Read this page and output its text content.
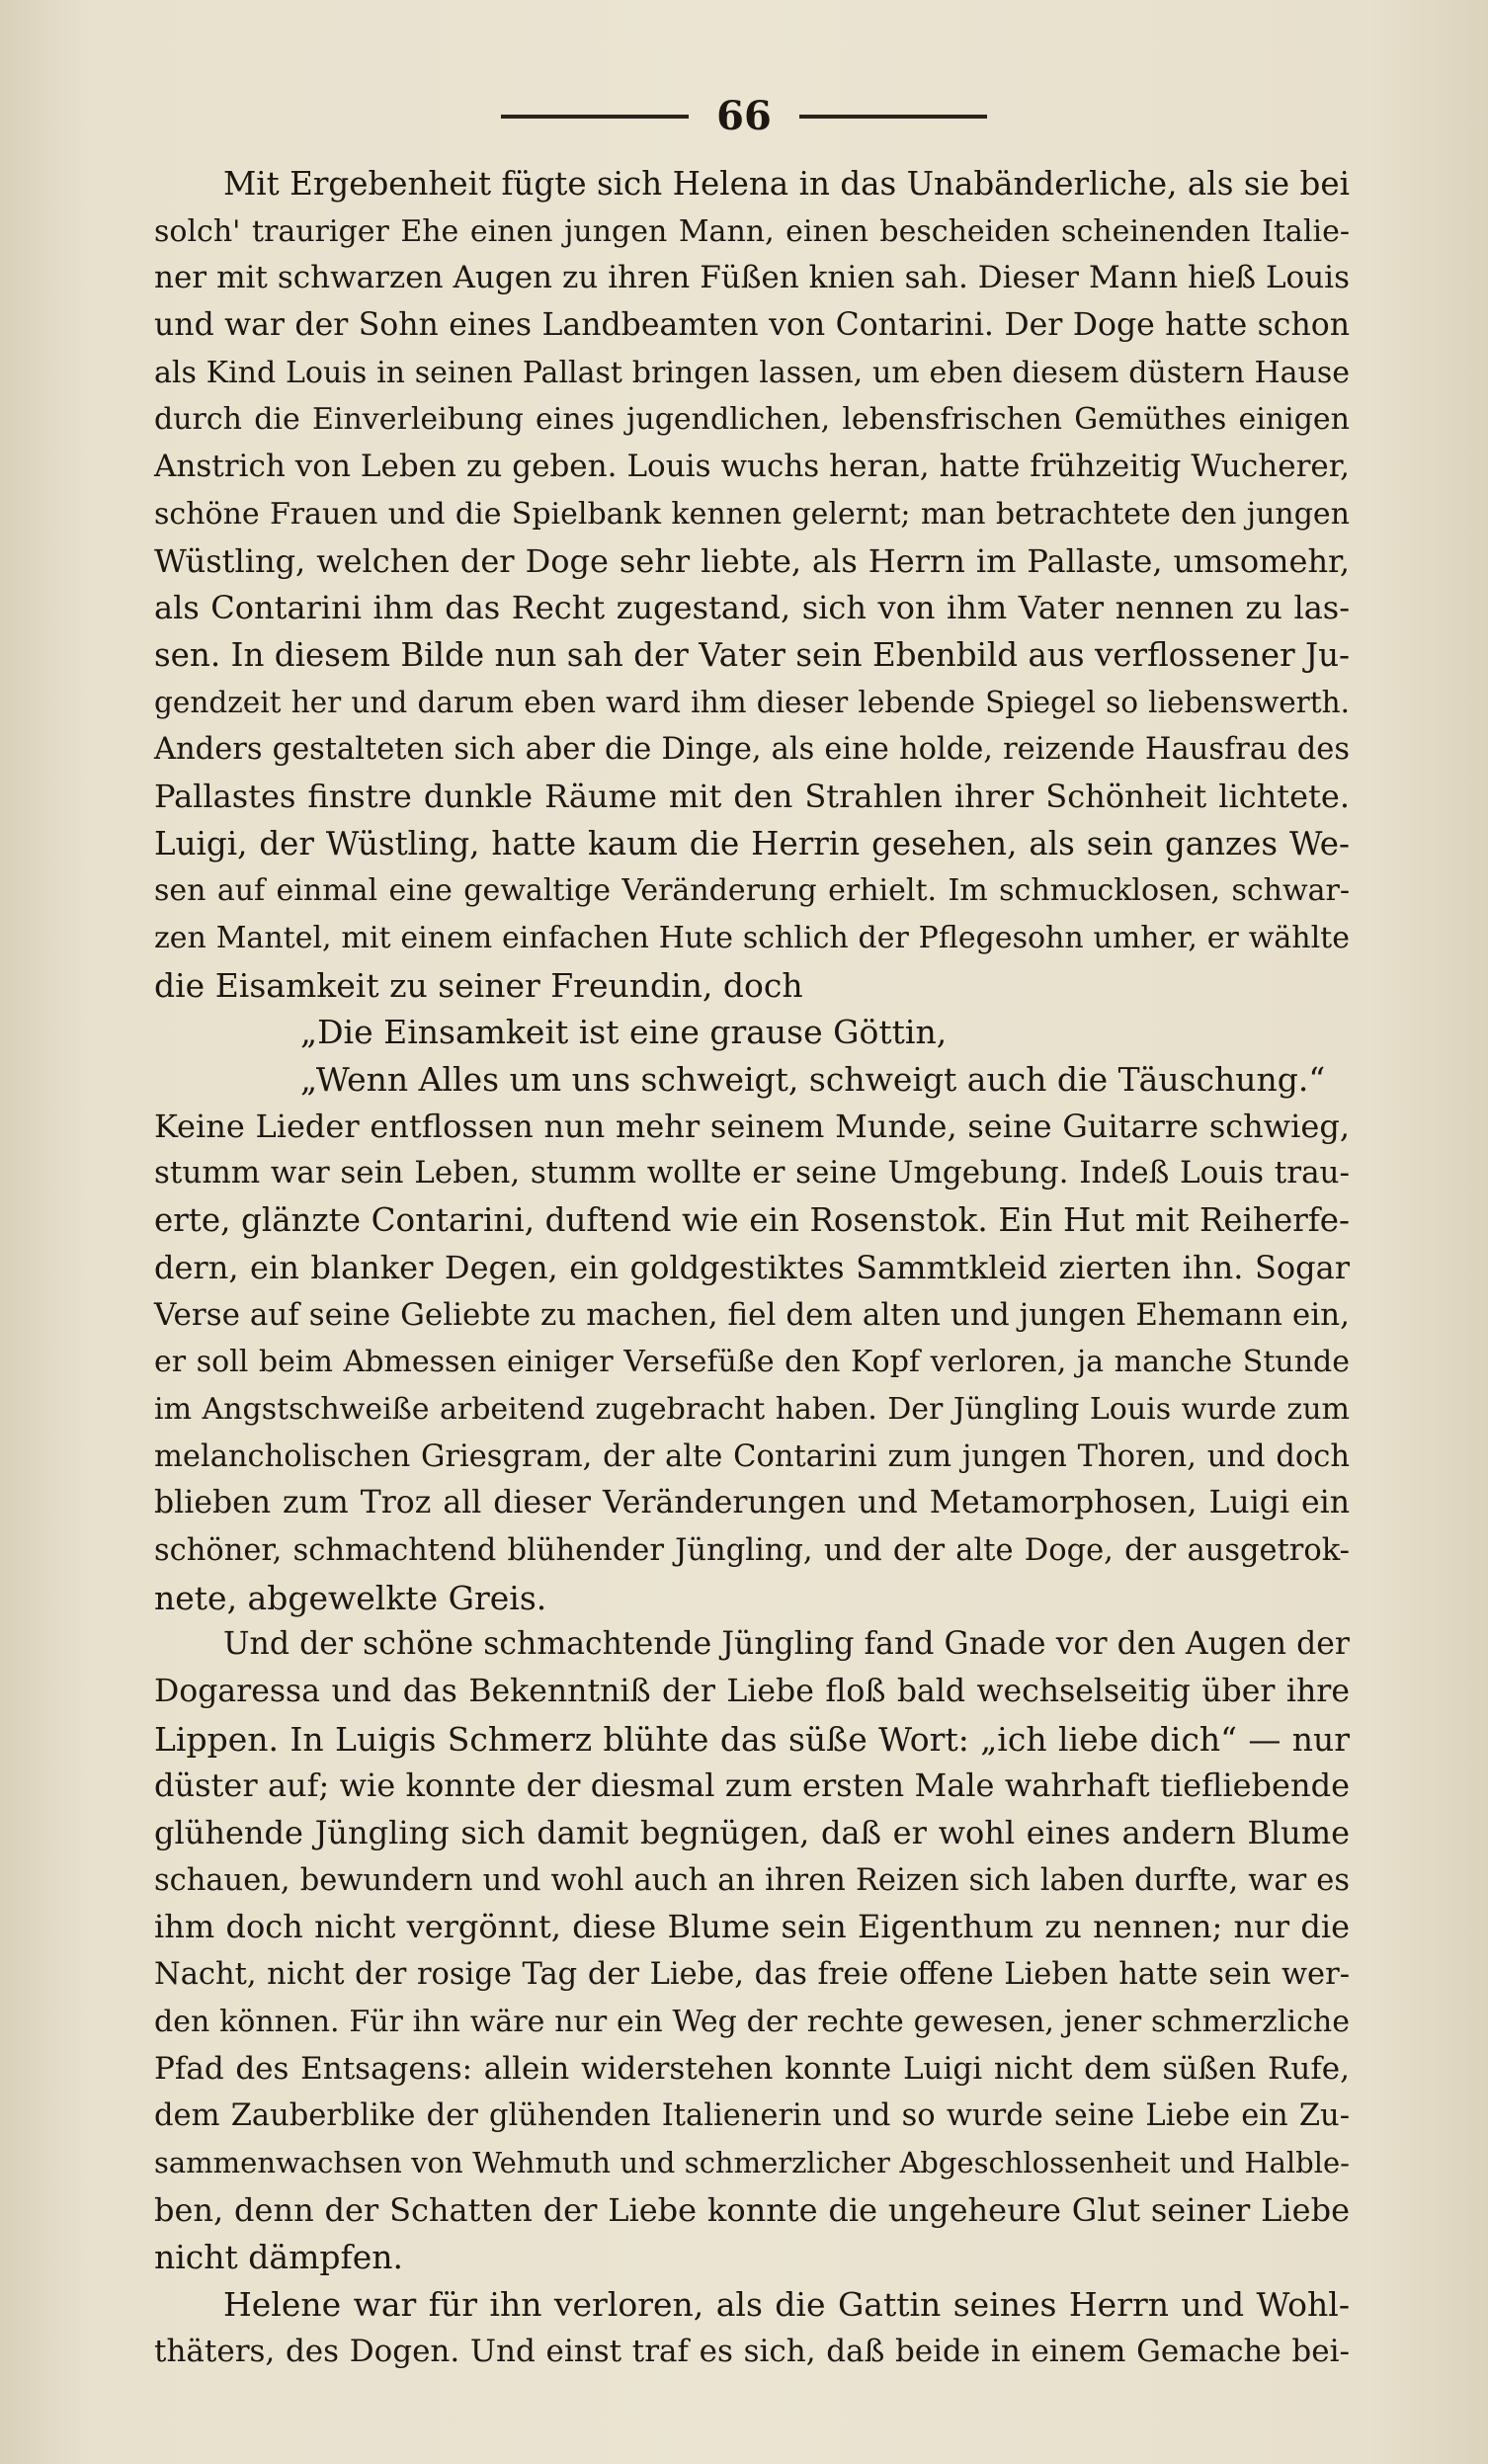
66
Mit Ergebenheit fügte sich Helena in das Unabänderliche, als sie bei
solch' trauriger Ehe einen jungen Mann, einen bescheiden scheinenden Italie-
ner mit schwarzen Augen zu ihren Füßen knien sah. Dieser Mann hieß Louis
und war der Sohn eines Landbeamten von Contarini. Der Doge hatte schon
als Kind Louis in seinen Pallast bringen lassen, um eben diesem düstern Hause
durch die Einverleibung eines jugendlichen, lebensfrischen Gemüthes einigen
Anstrich von Leben zu geben. Louis wuchs heran, hatte frühzeitig Wucherer,
schöne Frauen und die Spielbank kennen gelernt; man betrachtete den jungen
Wüstling, welchen der Doge sehr liebte, als Herrn im Pallaste, umsomehr,
als Contarini ihm das Recht zugestand, sich von ihm Vater nennen zu las-
sen. In diesem Bilde nun sah der Vater sein Ebenbild aus verflossener Ju-
gendzeit her und darum eben ward ihm dieser lebende Spiegel so liebenswerth.
Anders gestalteten sich aber die Dinge, als eine holde, reizende Hausfrau des
Pallastes finstre dunkle Räume mit den Strahlen ihrer Schönheit lichtete.
Luigi, der Wüstling, hatte kaum die Herrin gesehen, als sein ganzes We-
sen auf einmal eine gewaltige Veränderung erhielt. Im schmucklosen, schwar-
zen Mantel, mit einem einfachen Hute schlich der Pflegesohn umher, er wählte
die Eisamkeit zu seiner Freundin, doch
„Die Einsamkeit ist eine grause Göttin,
„Wenn Alles um uns schweigt, schweigt auch die Täuschung.“
Keine Lieder entflossen nun mehr seinem Munde, seine Guitarre schwieg,
stumm war sein Leben, stumm wollte er seine Umgebung. Indeß Louis trau-
erte, glänzte Contarini, duftend wie ein Rosenstok. Ein Hut mit Reiherfe-
dern, ein blanker Degen, ein goldgestiktes Sammtkleid zierten ihn. Sogar
Verse auf seine Geliebte zu machen, fiel dem alten und jungen Ehemann ein,
er soll beim Abmessen einiger Versefüße den Kopf verloren, ja manche Stunde
im Angstschweiße arbeitend zugebracht haben. Der Jüngling Louis wurde zum
melancholischen Griesgram, der alte Contarini zum jungen Thoren, und doch
blieben zum Troz all dieser Veränderungen und Metamorphosen, Luigi ein
schöner, schmachtend blühender Jüngling, und der alte Doge, der ausgetrok-
nete, abgewelkte Greis.
Und der schöne schmachtende Jüngling fand Gnade vor den Augen der
Dogaressa und das Bekenntniß der Liebe floß bald wechselseitig über ihre
Lippen. In Luigis Schmerz blühte das süße Wort: „ich liebe dich“ — nur
düster auf; wie konnte der diesmal zum ersten Male wahrhaft tiefliebende
glühende Jüngling sich damit begnügen, daß er wohl eines andern Blume
schauen, bewundern und wohl auch an ihren Reizen sich laben durfte, war es
ihm doch nicht vergönnt, diese Blume sein Eigenthum zu nennen; nur die
Nacht, nicht der rosige Tag der Liebe, das freie offene Lieben hatte sein wer-
den können. Für ihn wäre nur ein Weg der rechte gewesen, jener schmerzliche
Pfad des Entsagens: allein widerstehen konnte Luigi nicht dem süßen Rufe,
dem Zauberblike der glühenden Italienerin und so wurde seine Liebe ein Zu-
sammenwachsen von Wehmuth und schmerzlicher Abgeschlossenheit und Halble-
ben, denn der Schatten der Liebe konnte die ungeheure Glut seiner Liebe
nicht dämpfen.
Helene war für ihn verloren, als die Gattin seines Herrn und Wohl-
thäters, des Dogen. Und einst traf es sich, daß beide in einem Gemache bei-
